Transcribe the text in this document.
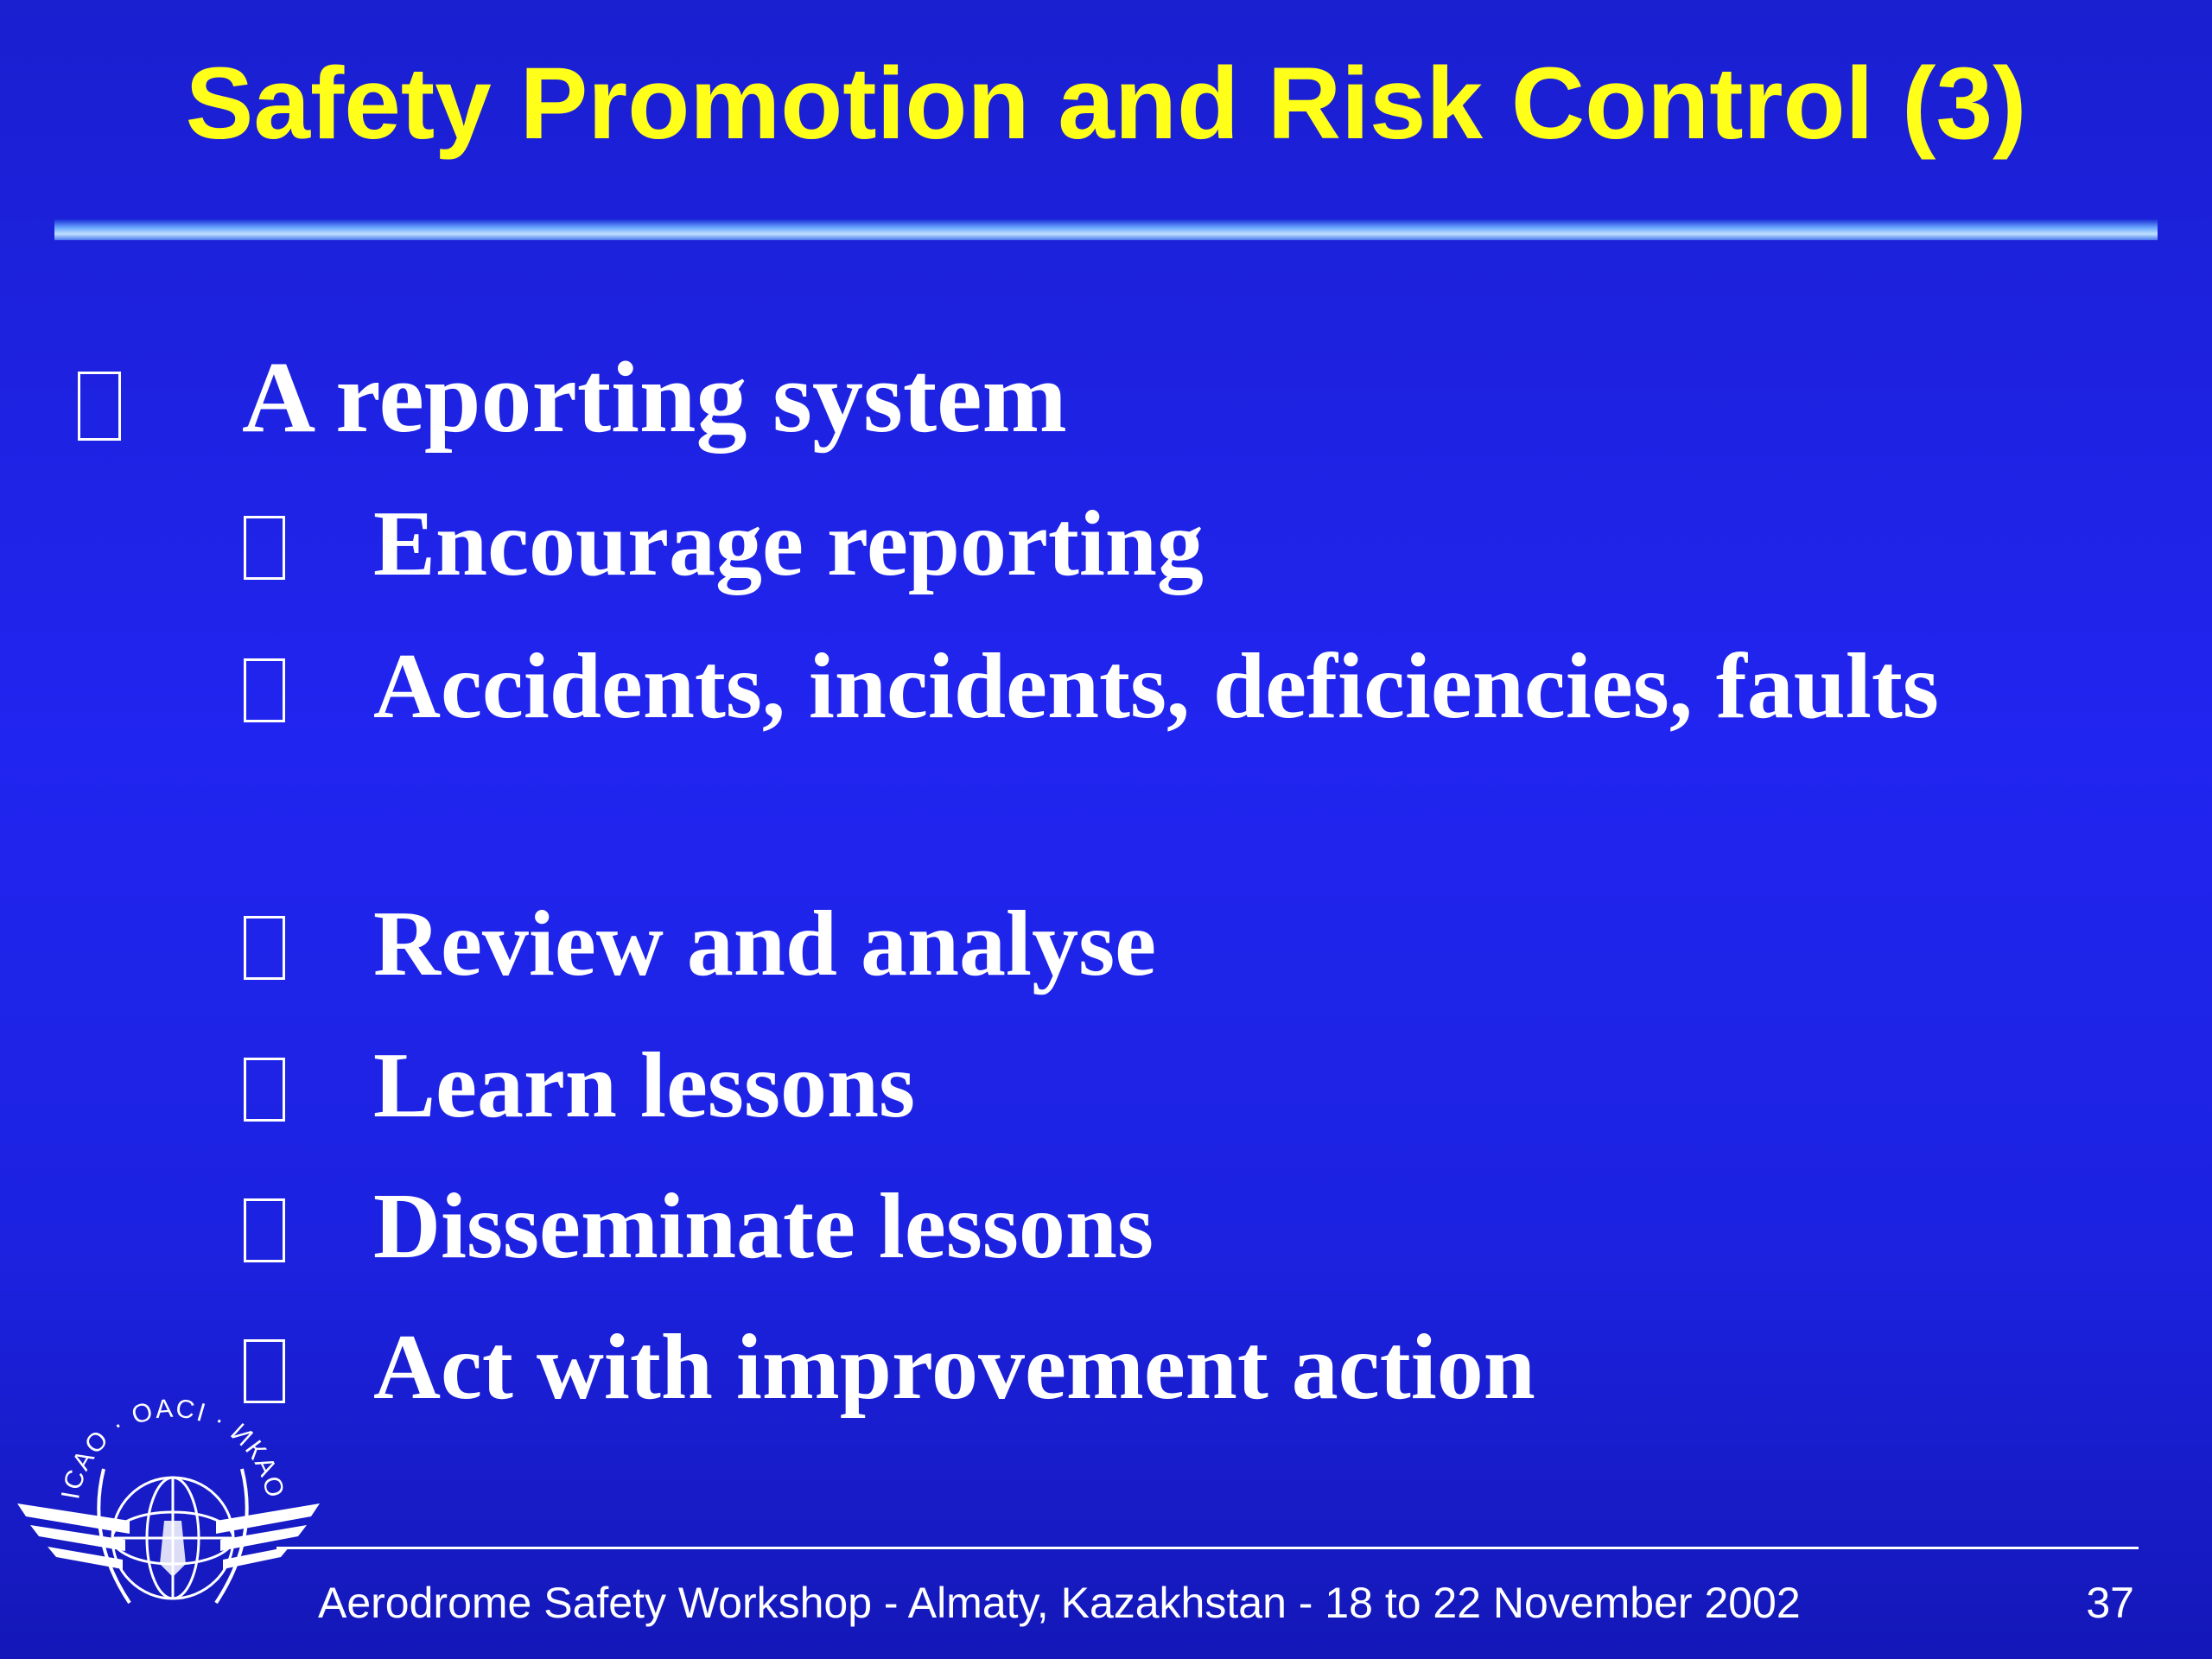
Safety Promotion and Risk Control (3)
A reporting system
Encourage reporting
Accidents, incidents, deficiencies, faults
Review and analyse
Learn lessons
Disseminate lessons
Act with improvement action
ICAO · OACI · ИКАО
Aerodrome Safety Workshop - Almaty, Kazakhstan - 18 to 22 November 2002	37
